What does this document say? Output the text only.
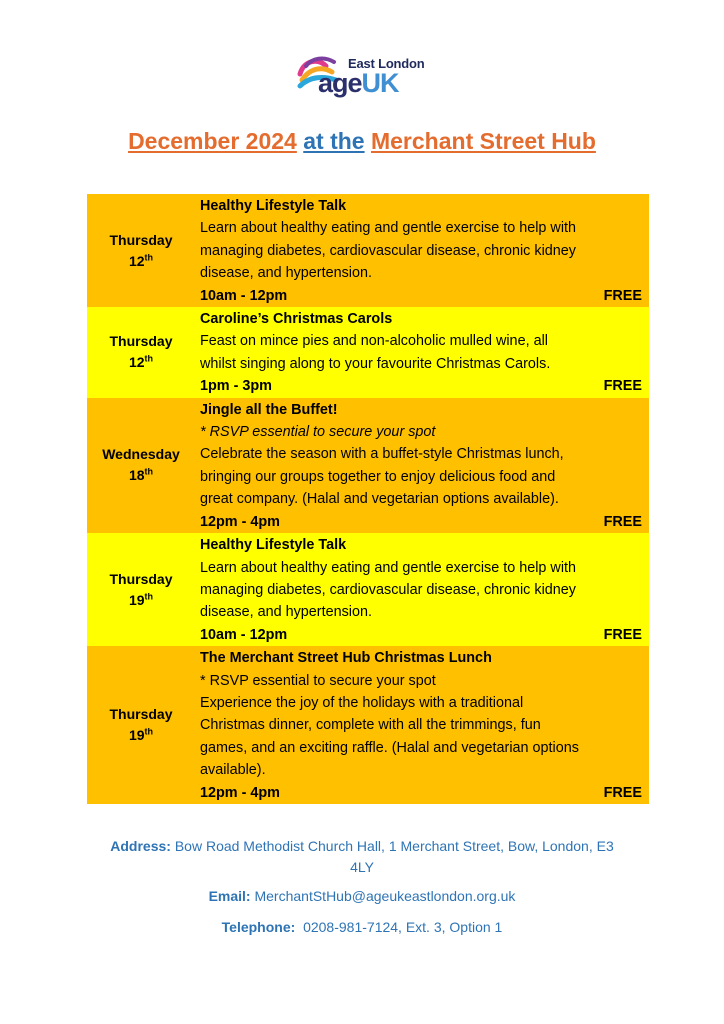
East London
ageUK
December 2024 at the Merchant Street Hub
Thursday
12th
Healthy Lifestyle Talk
Learn about healthy eating and gentle exercise to help with
managing diabetes, cardiovascular disease, chronic kidney
disease, and hypertension.
10am - 12pm	FREE
Thursday
12th
Caroline’s Christmas Carols
Feast on mince pies and non-alcoholic mulled wine, all
whilst singing along to your favourite Christmas Carols.
1pm - 3pm	FREE
Wednesday
18th
Jingle all the Buffet!
* RSVP essential to secure your spot
Celebrate the season with a buffet-style Christmas lunch,
bringing our groups together to enjoy delicious food and
great company. (Halal and vegetarian options available).
12pm - 4pm	FREE
Thursday
19th
Healthy Lifestyle Talk
Learn about healthy eating and gentle exercise to help with
managing diabetes, cardiovascular disease, chronic kidney
disease, and hypertension.
10am - 12pm	FREE
Thursday
19th
The Merchant Street Hub Christmas Lunch
* RSVP essential to secure your spot
Experience the joy of the holidays with a traditional
Christmas dinner, complete with all the trimmings, fun
games, and an exciting raffle. (Halal and vegetarian options
available).
12pm - 4pm	FREE
Address: Bow Road Methodist Church Hall, 1 Merchant Street, Bow, London, E3
4LY
Email: MerchantStHub@ageukeastlondon.org.uk
Telephone: 0208-981-7124, Ext. 3, Option 1
